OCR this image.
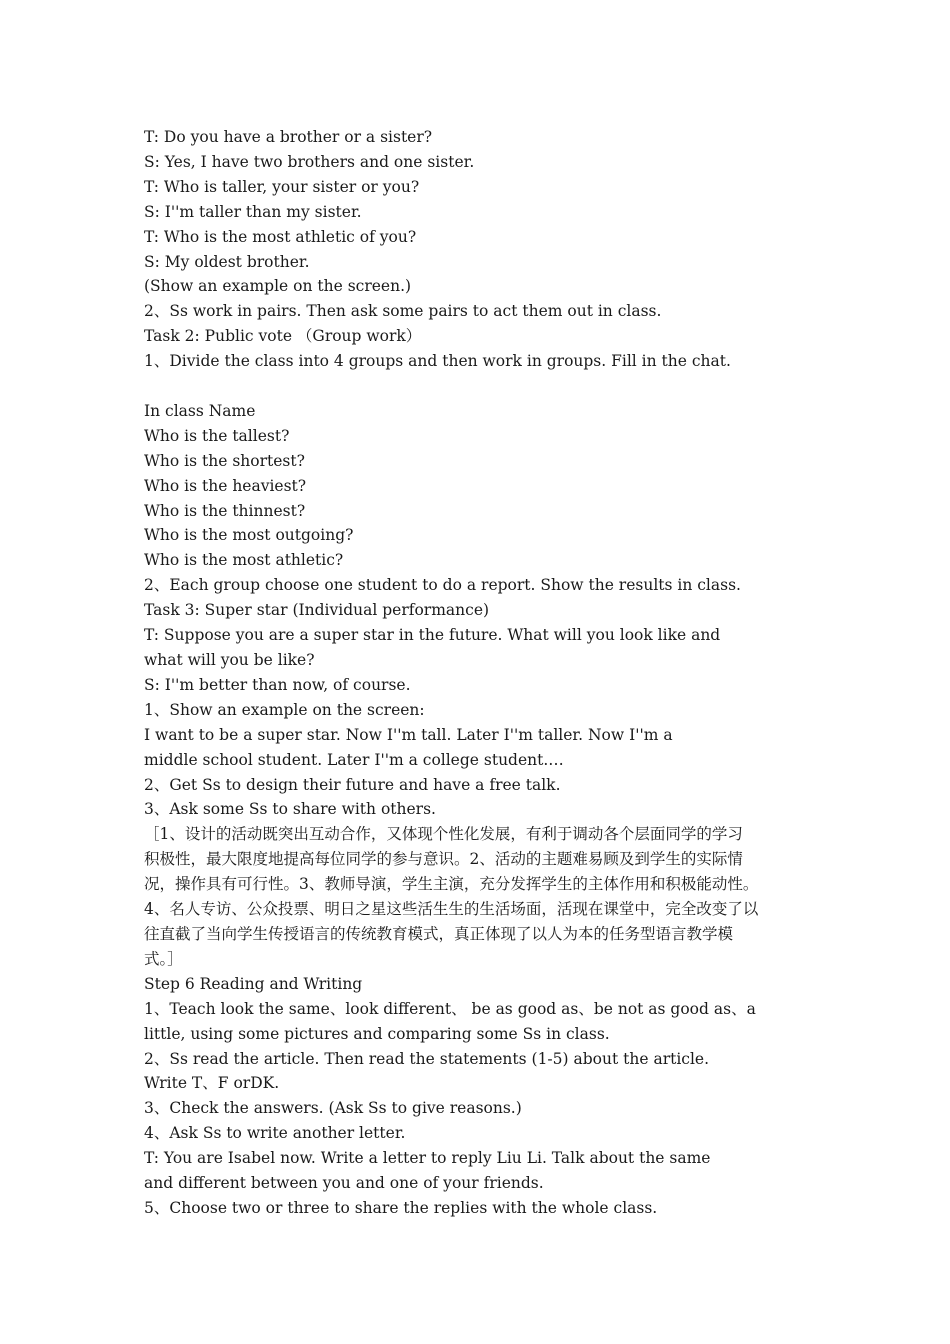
T: Do you have a brother or a sister?

S: Yes, I have two brothers and one sister.

T: Who is taller, your sister or you?

S: I''m taller than my sister.

T: Who is the most athletic of you?

S: My oldest brother.

(Show an example on the screen.)

2、Ss work in pairs. Then ask some pairs to act them out in class.

Task 2: Public vote （Group work）

1、Divide the class into 4 groups and then work in groups. Fill in the chat.

In class Name

Who is the tallest?

Who is the shortest?

Who is the heaviest?

Who is the thinnest?

Who is the most outgoing?

Who is the most athletic?

2、Each group choose one student to do a report. Show the results in class.

Task 3: Super star (Individual performance)

T: Suppose you are a super star in the future. What will you look like and

what will you be like?

S: I''m better than now, of course.

1、Show an example on the screen:

I want to be a super star. Now I''m tall. Later I''m taller. Now I''m a

middle school student. Later I''m a college student.…

2、Get Ss to design their future and have a free talk.

3、Ask some Ss to share with others.

［1、设计的活动既突出互动合作，又体现个性化发展，有利于调动各个层面同学的学习

积极性，最大限度地提高每位同学的参与意识。2、活动的主题难易顾及到学生的实际情

况，操作具有可行性。3、教师导演，学生主演，充分发挥学生的主体作用和积极能动性。

4、名人专访、公众投票、明日之星这些活生生的生活场面，活现在课堂中，完全改变了以

往直截了当向学生传授语言的传统教育模式，真正体现了以人为本的任务型语言教学模

式。］

Step 6 Reading and Writing

1、Teach look the same、look different、 be as good as、be not as good as、a

little, using some pictures and comparing some Ss in class.

2、Ss read the article. Then read the statements (1-5) about the article.

Write T、F orDK.

3、Check the answers. (Ask Ss to give reasons.)

4、Ask Ss to write another letter.

T: You are Isabel now. Write a letter to reply Liu Li. Talk about the same

and different between you and one of your friends.

5、Choose two or three to share the replies with the whole class.
